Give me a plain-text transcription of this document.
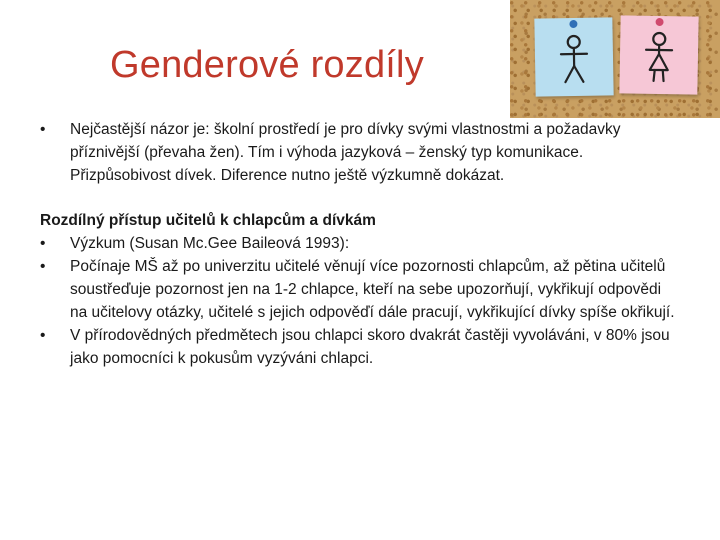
Genderové rozdíly
• Nejčastější názor je: školní prostředí je pro dívky svými vlastnostmi a požadavky příznivější (převaha žen). Tím i výhoda jazyková – ženský typ komunikace. Přizpůsobivost dívek. Diference nutno ještě výzkumně dokázat.
Rozdílný přístup učitelů k chlapcům a dívkám
• Výzkum (Susan Mc.Gee Baileová 1993):
• Počínaje MŠ až po univerzitu učitelé věnují více pozornosti chlapcům, až pětina učitelů soustřeďuje pozornost jen na 1-2 chlapce, kteří na sebe upozorňují, vykřikují odpovědi na učitelovy otázky, učitelé s jejich odpověďí dále pracují, vykřikující dívky spíše okřikují.
• V přírodovědných předmětech jsou chlapci skoro dvakrát častěji vyvoláváni, v 80% jsou jako pomocníci k pokusům vyzýváni chlapci.
